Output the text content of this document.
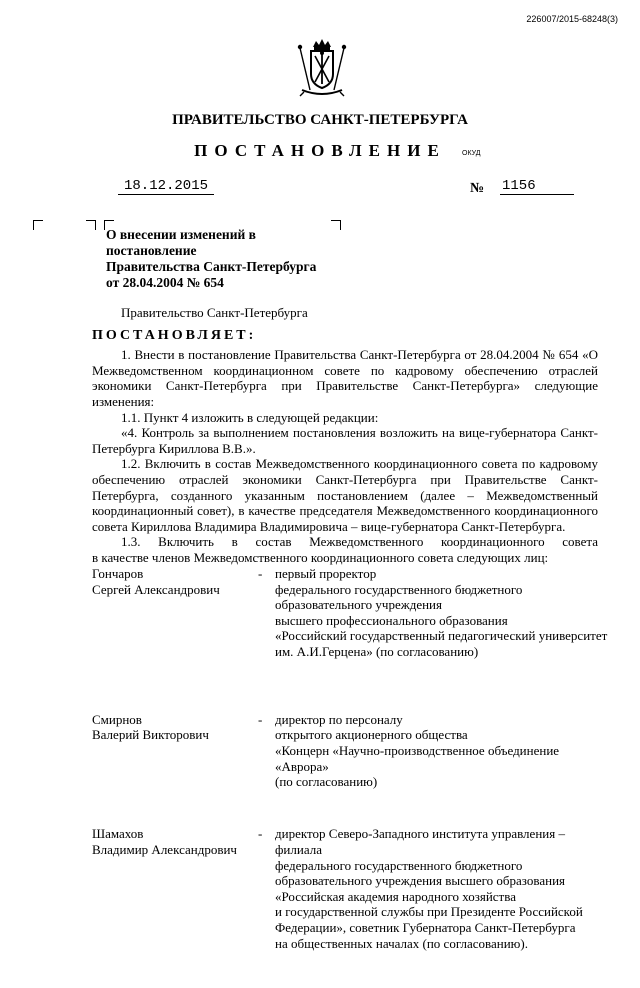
226007/2015-68248(3)
ПРАВИТЕЛЬСТВО САНКТ-ПЕТЕРБУРГА
ПОСТАНОВЛЕНИЕ	ОКУД
18.12.2015	№ 1156
О внесении изменений в постановление
Правительства Санкт-Петербурга
от 28.04.2004 № 654

Правительство Санкт-Петербурга

ПОСТАНОВЛЯЕТ:

1. Внести в постановление Правительства Санкт-Петербурга от 28.04.2004 № 654 «О Межведомственном координационном совете по кадровому обеспечению отраслей экономики Санкт-Петербурга при Правительстве Санкт-Петербурга» следующие изменения:

1.1. Пункт 4 изложить в следующей редакции:

«4. Контроль за выполнением постановления возложить на вице-губернатора Санкт-Петербурга Кириллова В.В.».

1.2. Включить в состав Межведомственного координационного совета по кадровому обеспечению отраслей экономики Санкт-Петербурга при Правительстве Санкт-Петербурга, созданного указанным постановлением (далее – Межведомственный координационный совет), в качестве председателя Межведомственного координационного совета Кириллова Владимира Владимировича – вице-губернатора Санкт-Петербурга.

1.3. Включить в состав Межведомственного координационного совета

в качестве членов Межведомственного координационного совета следующих лиц:

Гончаров
Сергей Александрович
- первый проректор
федерального государственного бюджетного
образовательного учреждения
высшего профессионального образования
«Российский государственный педагогический университет
им. А.И.Герцена» (по согласованию)
Смирнов
Валерий Викторович
- директор по персоналу
открытого акционерного общества
«Концерн «Научно-производственное объединение «Аврора»
(по согласованию)
Шамахов
Владимир Александрович
- директор Северо-Западного института управления – филиала
федерального государственного бюджетного
образовательного учреждения высшего образования
«Российская академия народного хозяйства
и государственной службы при Президенте Российской
Федерации», советник Губернатора Санкт-Петербурга
на общественных началах (по согласованию).
